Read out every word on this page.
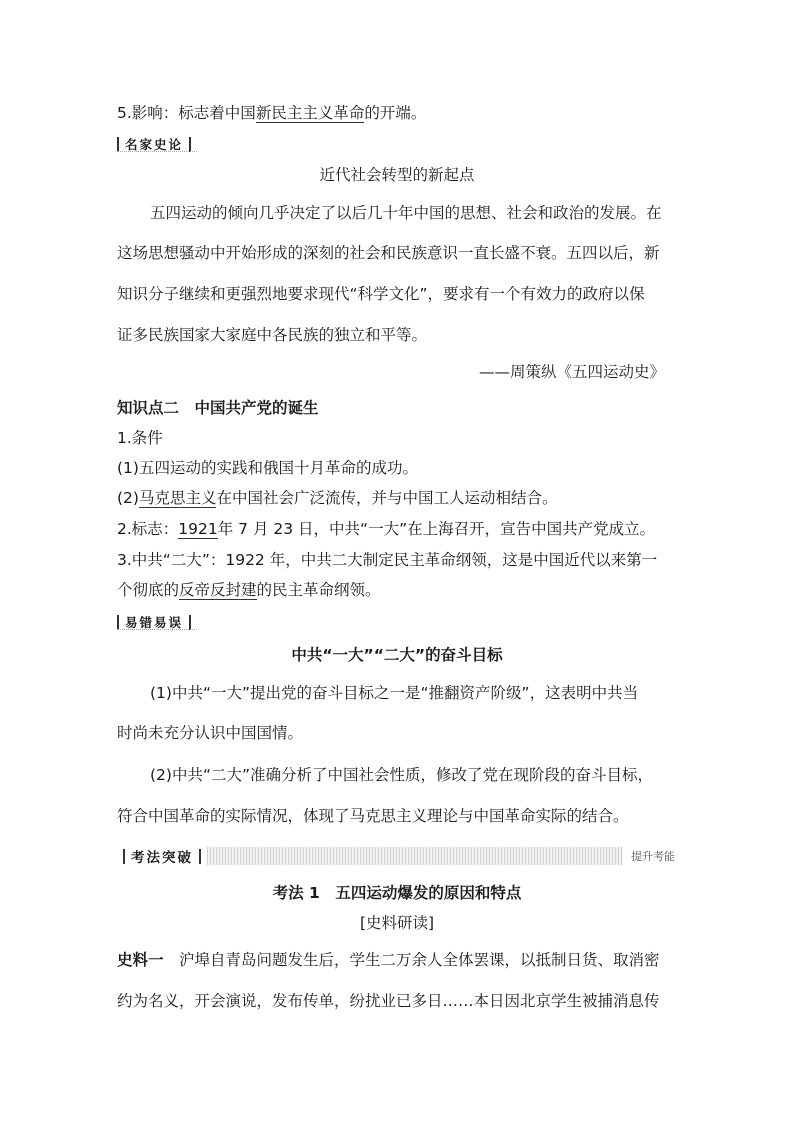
5.影响：标志着中国新民主主义革命的开端。
名家史论
近代社会转型的新起点
五四运动的倾向几乎决定了以后几十年中国的思想、社会和政治的发展。在
这场思想骚动中开始形成的深刻的社会和民族意识一直长盛不衰。五四以后，新
知识分子继续和更强烈地要求现代“科学文化”，要求有一个有效力的政府以保
证多民族国家大家庭中各民族的独立和平等。
——周策纵《五四运动史》
知识点二　中国共产党的诞生
1.条件
(1)五四运动的实践和俄国十月革命的成功。
(2)马克思主义在中国社会广泛流传，并与中国工人运动相结合。
2.标志：1921年 7 月 23 日，中共“一大”在上海召开，宣告中国共产党成立。
3.中共“二大”：1922 年，中共二大制定民主革命纲领，这是中国近代以来第一
个彻底的反帝反封建的民主革命纲领。
易错易误
中共“一大”“二大”的奋斗目标
(1)中共“一大”提出党的奋斗目标之一是“推翻资产阶级”，这表明中共当
时尚未充分认识中国国情。
(2)中共“二大”准确分析了中国社会性质，修改了党在现阶段的奋斗目标，
符合中国革命的实际情况，体现了马克思主义理论与中国革命实际的结合。
考法突破	提升考能
考法 1　五四运动爆发的原因和特点
[史料研读]
史料一　沪埠自青岛问题发生后，学生二万余人全体罢课，以抵制日货、取消密
约为名义，开会演说，发布传单，纷扰业已多日……本日因北京学生被捕消息传
